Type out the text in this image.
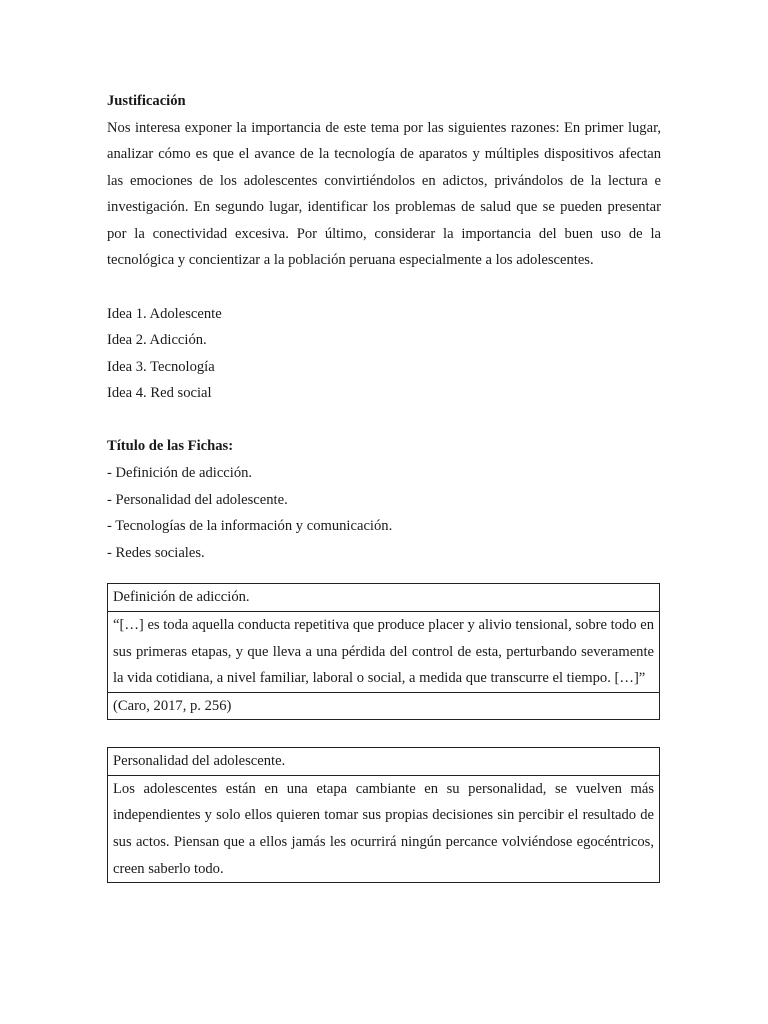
Justificación

Nos interesa exponer la importancia de este tema por las siguientes razones: En primer lugar, analizar cómo es que el avance de la tecnología de aparatos y múltiples dispositivos afectan las emociones de los adolescentes convirtiéndolos en adictos, privándolos de la lectura e investigación. En segundo lugar, identificar los problemas de salud que se pueden presentar por la conectividad excesiva. Por último, considerar la importancia del buen uso de la tecnológica y concientizar a la población peruana especialmente a los adolescentes.

Idea 1. Adolescente

Idea 2. Adicción.

Idea 3. Tecnología

Idea 4. Red social

Título de las Fichas:

- Definición de adicción.

- Personalidad del adolescente.

- Tecnologías de la información y comunicación.

- Redes sociales.

Definición de adicción.
“[…] es toda aquella conducta repetitiva que produce placer y alivio tensional, sobre todo en sus primeras etapas, y que lleva a una pérdida del control de esta, perturbando severamente la vida cotidiana, a nivel familiar, laboral o social, a medida que transcurre el tiempo. […]”
(Caro, 2017, p. 256)
Personalidad del adolescente.
Los adolescentes están en una etapa cambiante en su personalidad, se vuelven más independientes y solo ellos quieren tomar sus propias decisiones sin percibir el resultado de sus actos. Piensan que a ellos jamás les ocurrirá ningún percance volviéndose egocéntricos, creen saberlo todo.
